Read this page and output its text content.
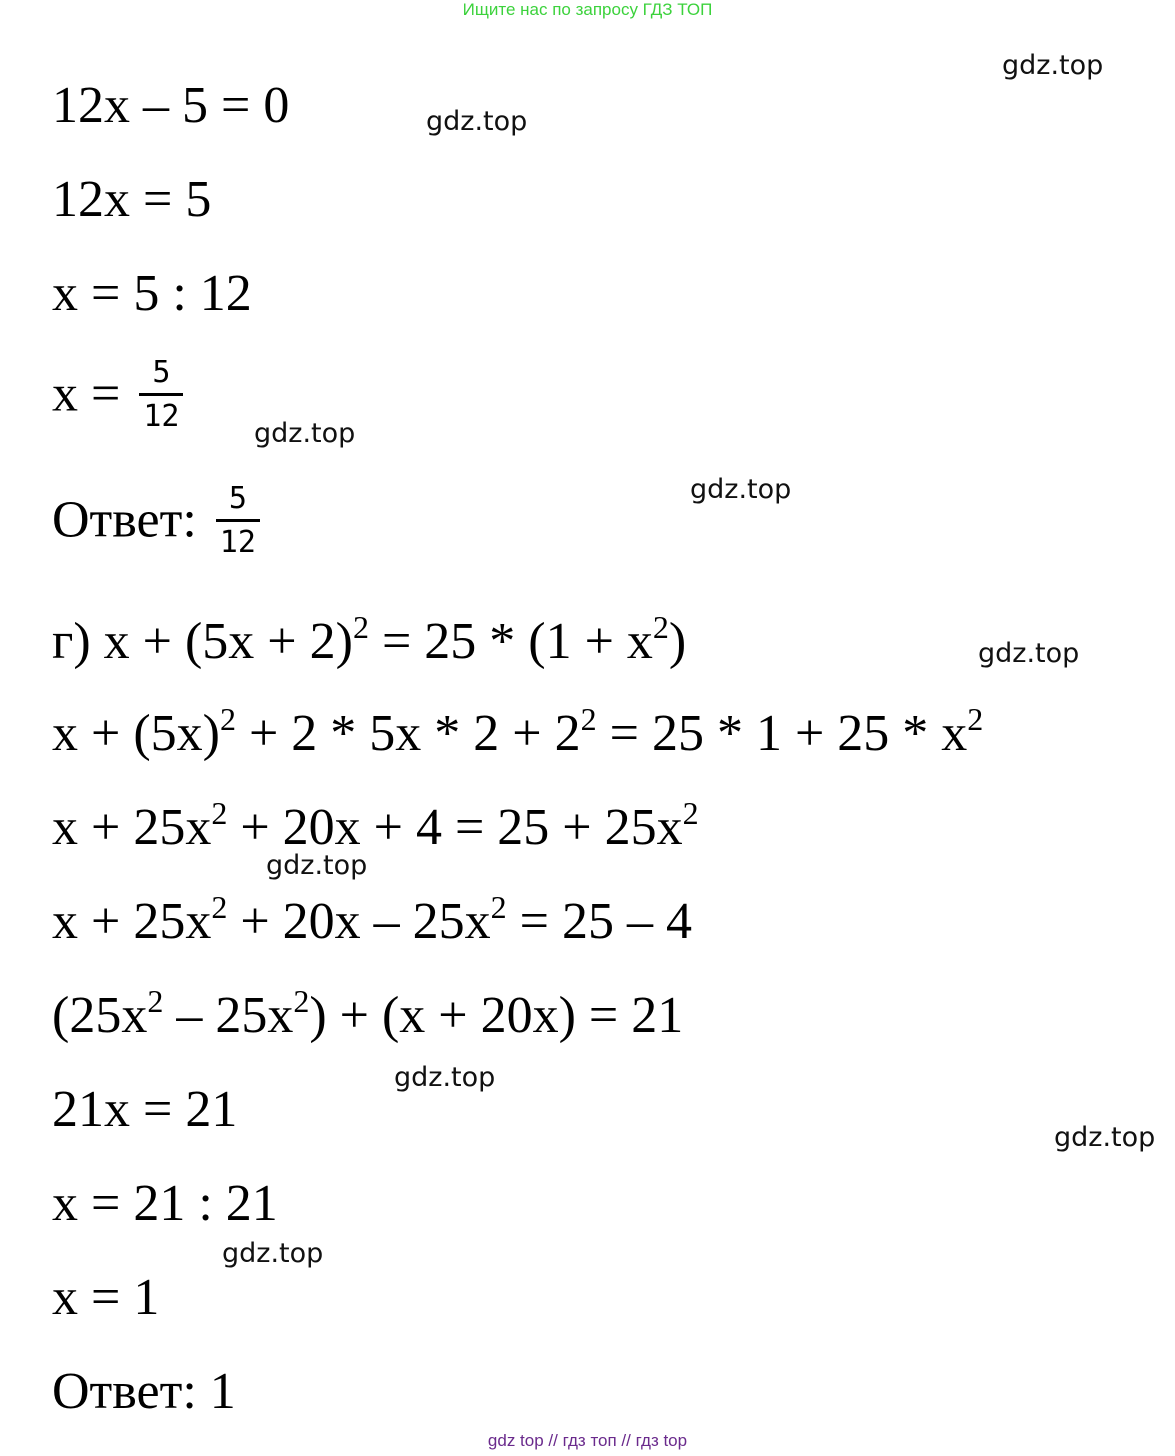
Ищите нас по запросу ГДЗ ТОП
gdz.top
gdz.top
gdz.top
gdz.top
gdz.top
gdz.top
gdz.top
gdz.top
gdz.top
12x – 5 = 0
12x = 5
x = 5 : 12
$x = \frac{5}{12}$
Ответ: $\frac{5}{12}$
г) $x + (5x + 2)^2 = 25 * (1 + x^2)$
$x + (5x)^2 + 2 * 5x * 2 + 2^2 = 25 * 1 + 25 * x^2$
$x + 25x^2 + 20x + 4 = 25 + 25x^2$
$x + 25x^2 + 20x - 25x^2 = 25 - 4$
$(25x^2 - 25x^2) + (x + 20x) = 21$
21x = 21
x = 21 : 21
x = 1
Ответ: 1
gdz top // гдз топ // гдз top
